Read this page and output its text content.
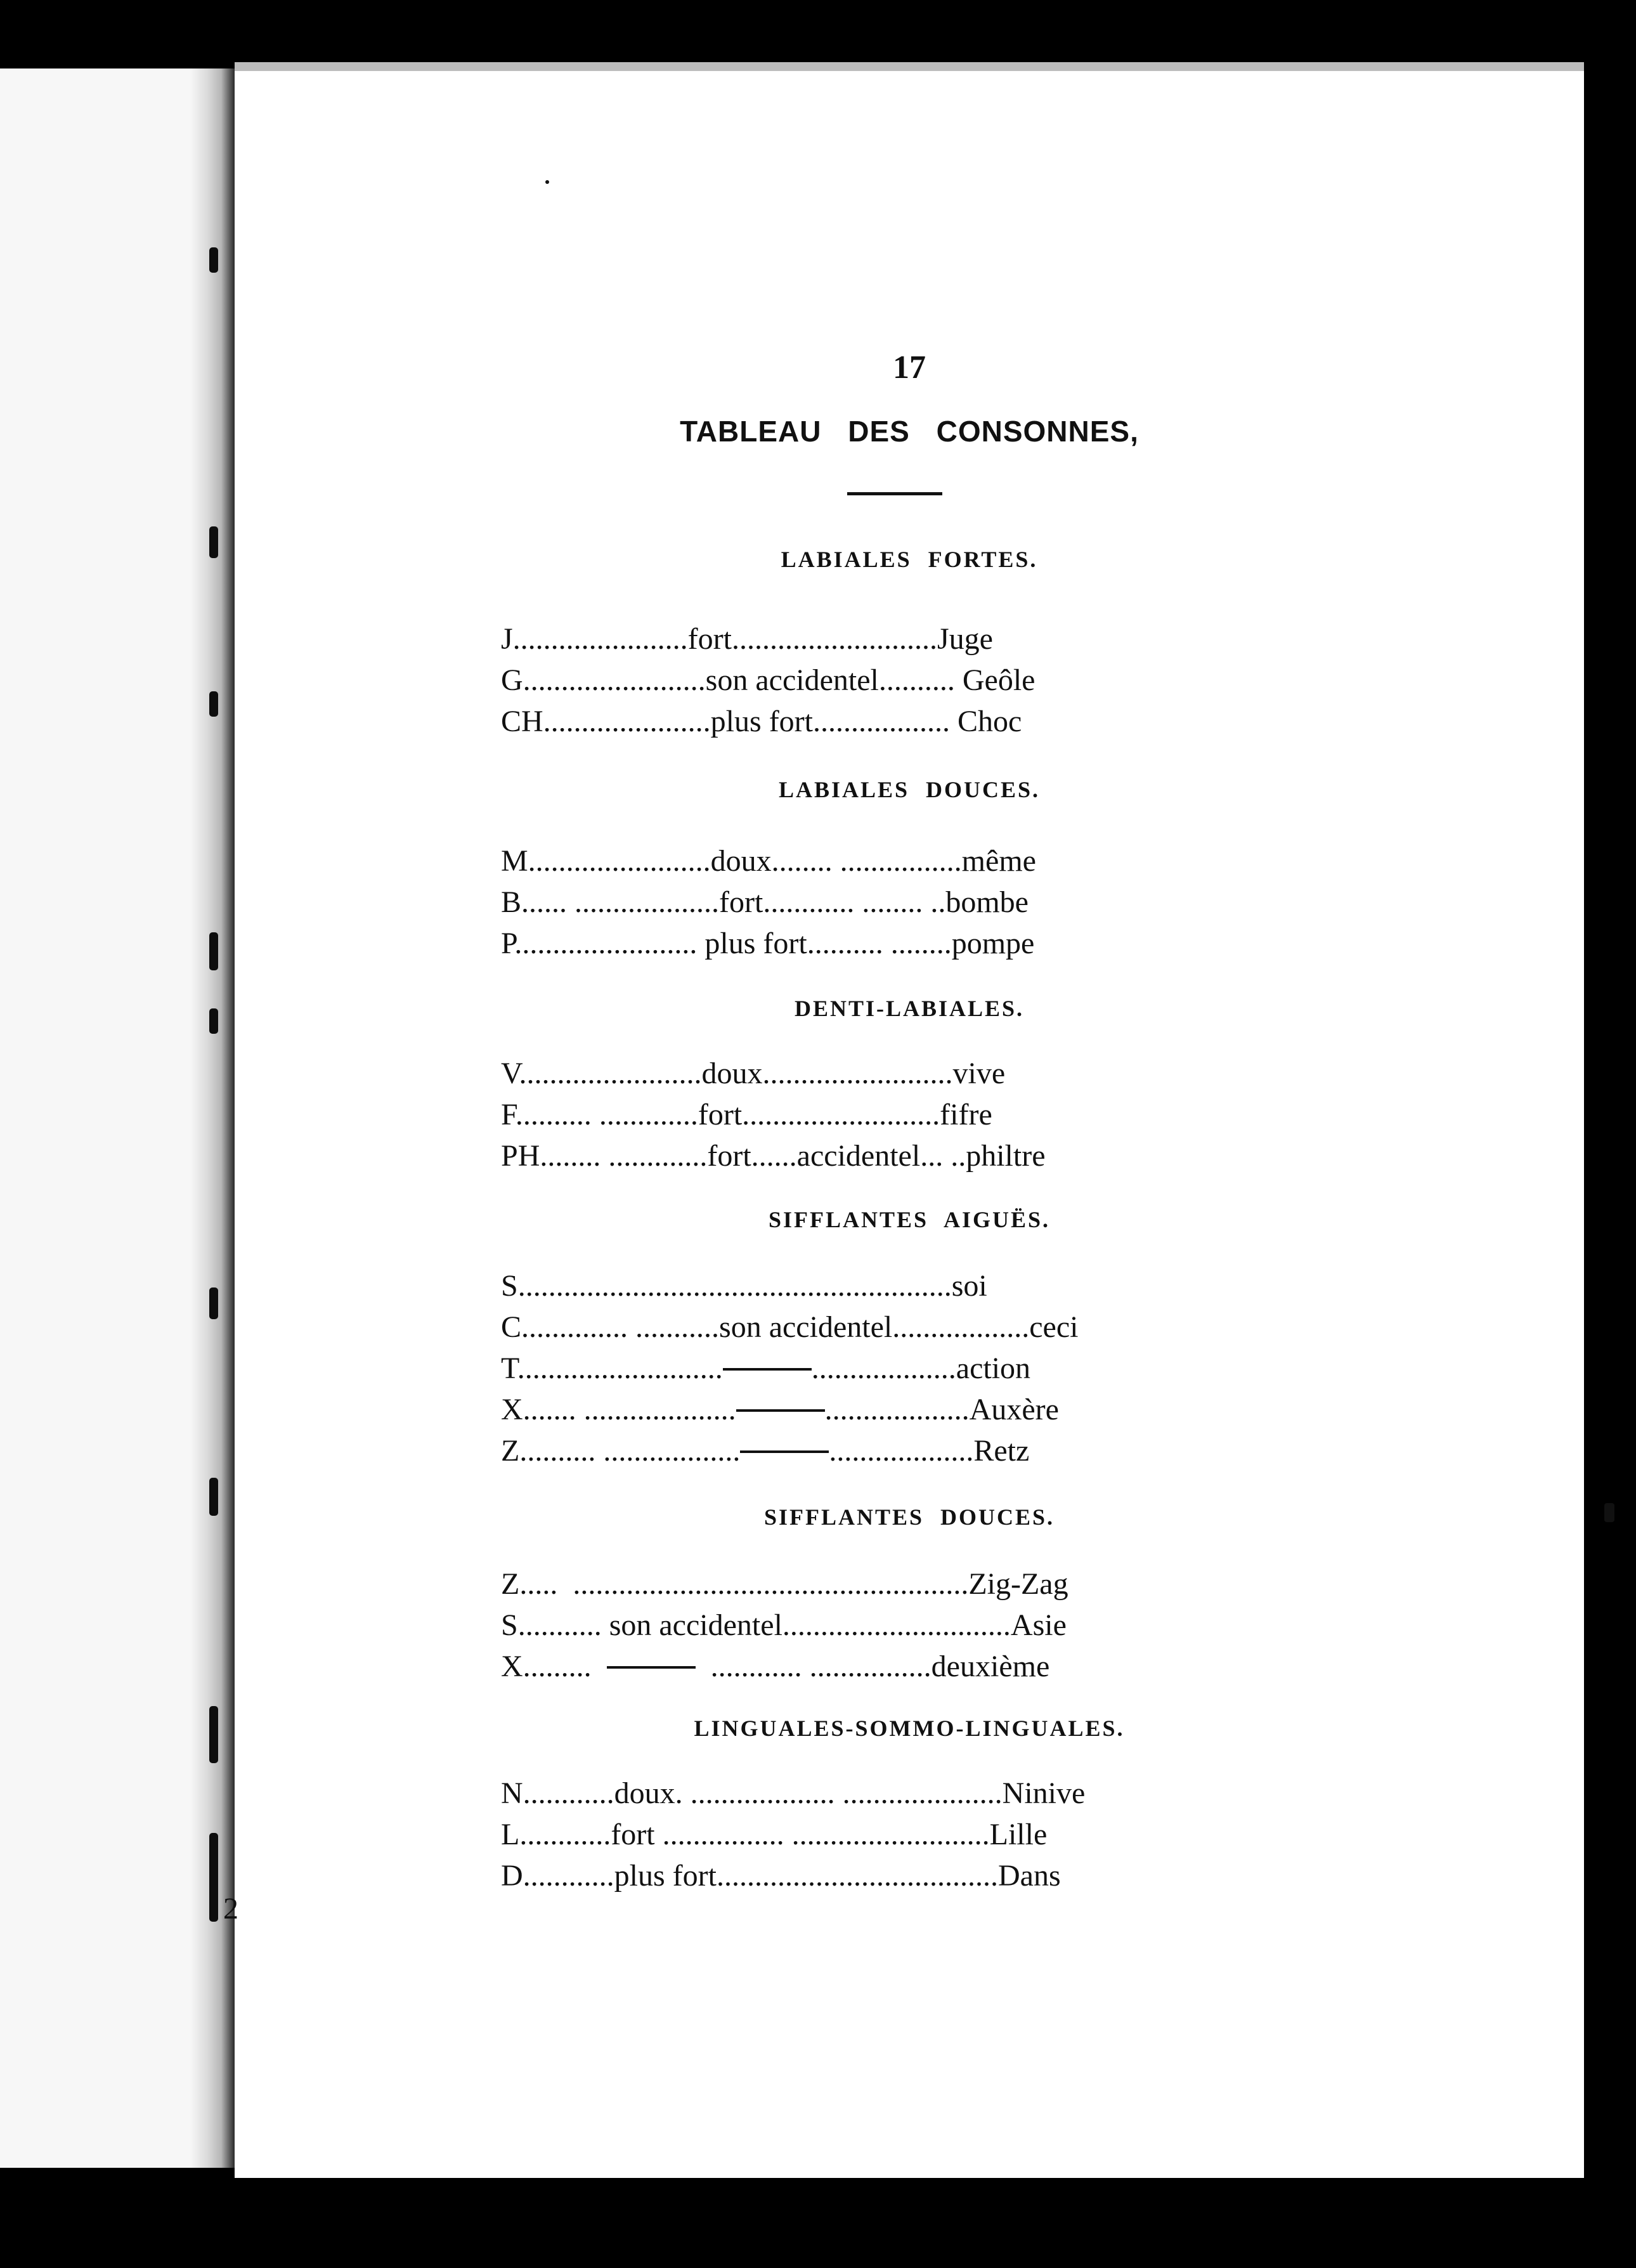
17
TABLEAU DES CONSONNES,
LABIALES FORTES.
J.......................fort...........................Juge
G........................son accidentel.......... Geôle
CH......................plus fort.................. Choc
LABIALES DOUCES.
M........................doux........ ................même
B...... ...................fort............ ........ ..bombe
P........................ plus fort.......... ........pompe
DENTI-LABIALES.
V........................doux.........................vive
F.......... .............fort..........................fifre
PH........ .............fort......accidentel... ..philtre
SIFFLANTES AIGUËS.
S.........................................................soi
C.............. ...........son accidentel..................ceci
T...........................	...................action
X....... ....................	...................Auxère
Z.......... ..................	...................Retz
SIFFLANTES DOUCES.
Z.....  ....................................................Zig-Zag
S........... son accidentel..............................Asie
X.........	............ ................deuxième
LINGUALES-SOMMO-LINGUALES.
N............doux. ................... .....................Ninive
L............fort ................ ..........................Lille
D............plus fort.....................................Dans
2
